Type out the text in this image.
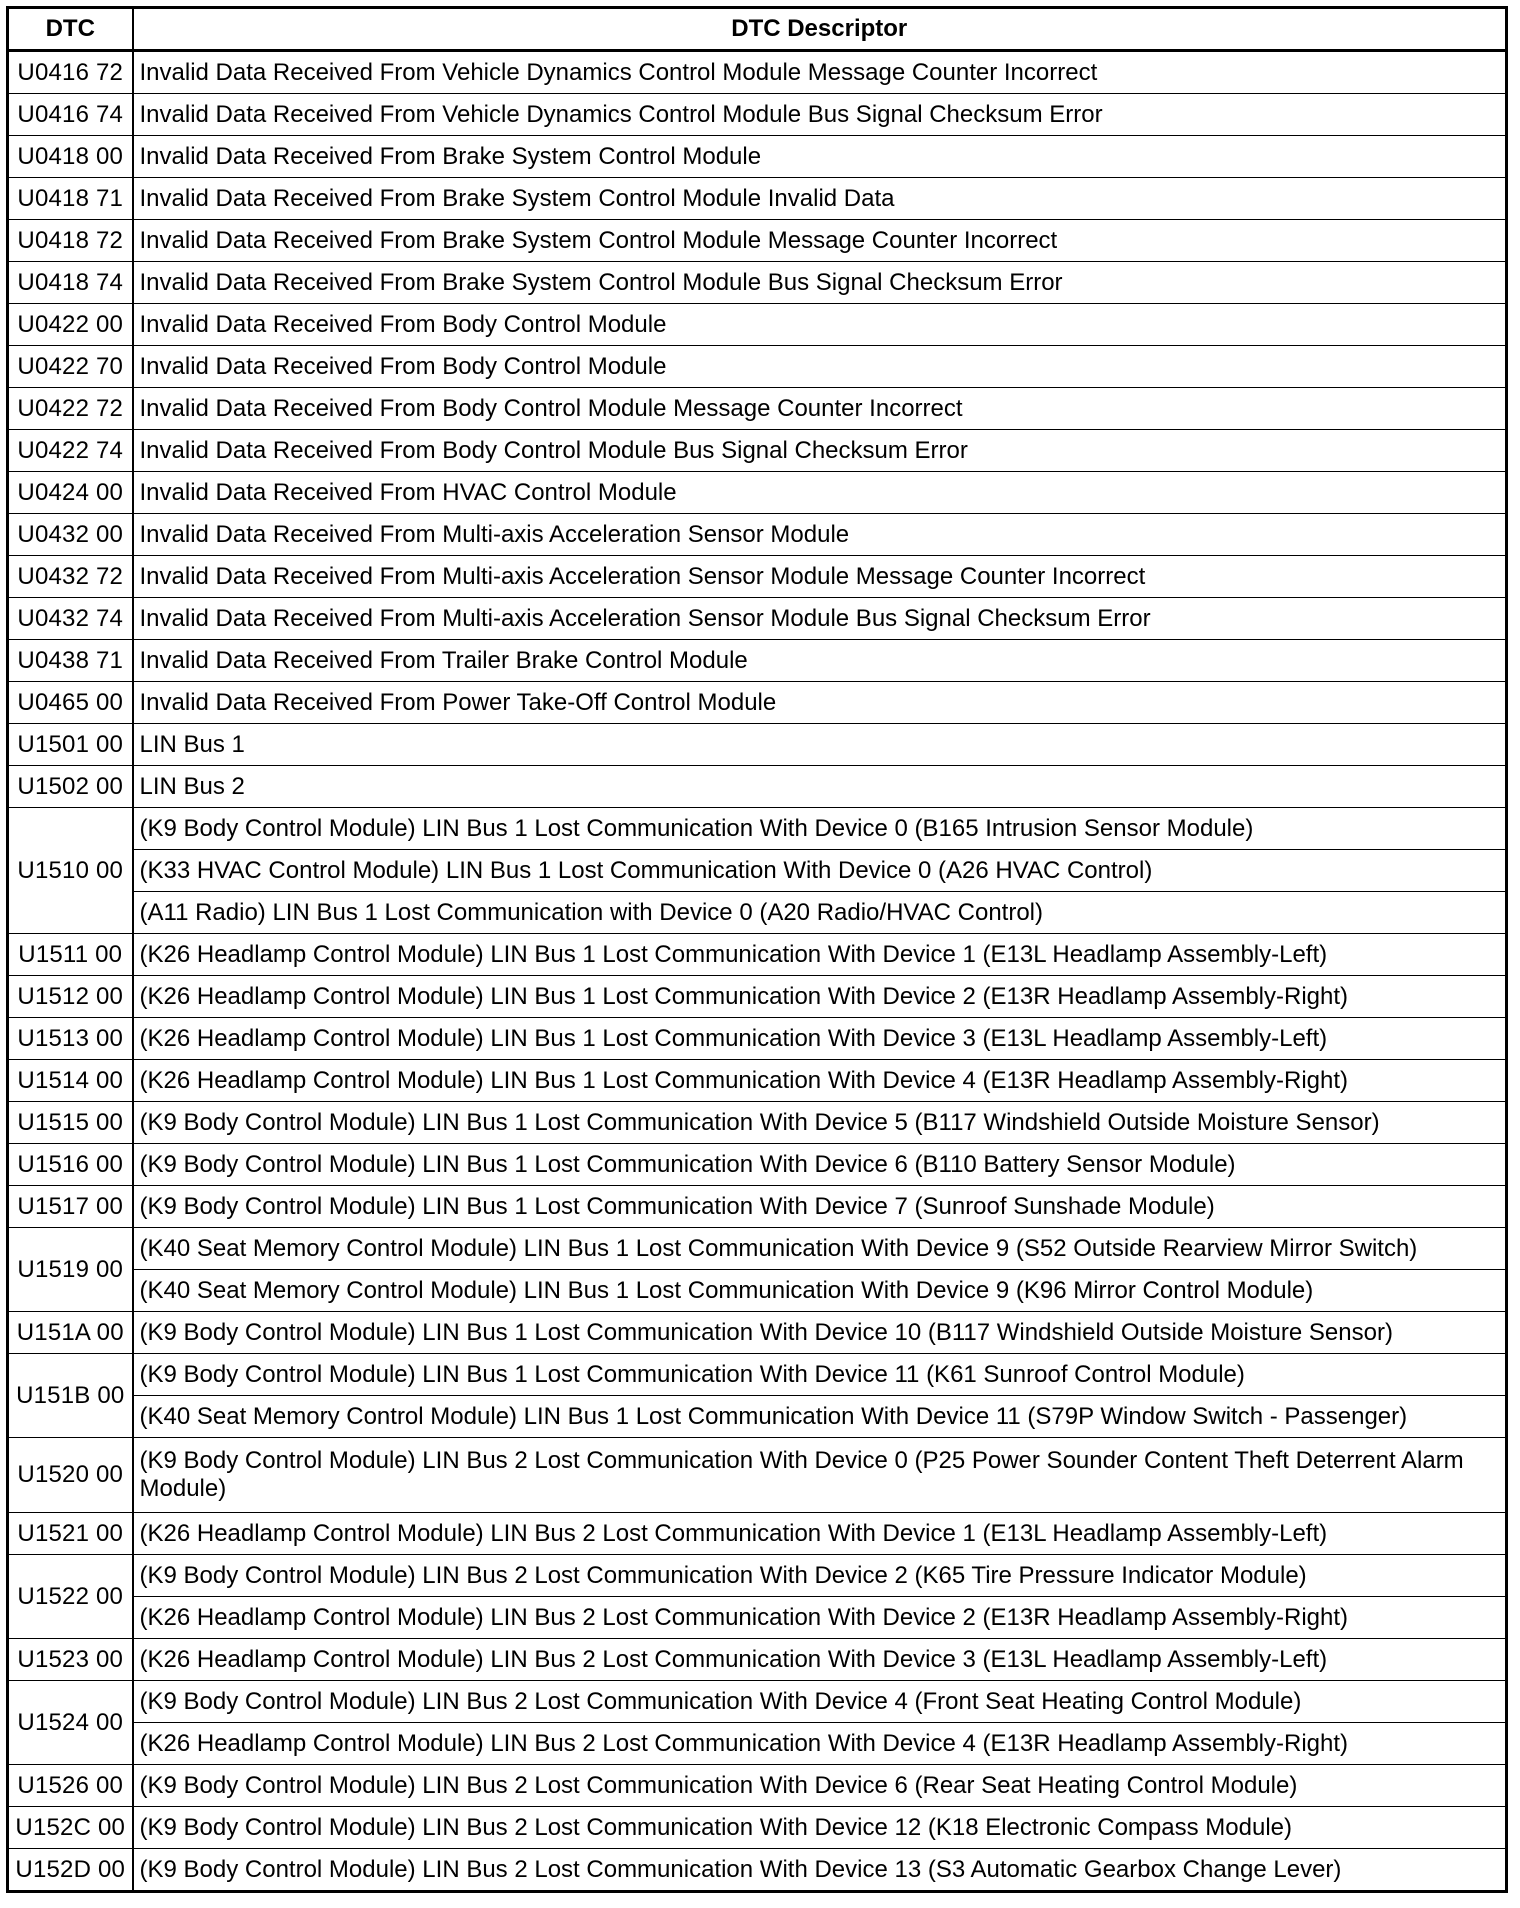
DTC	DTC Descriptor
U0416 72	Invalid Data Received From Vehicle Dynamics Control Module Message Counter Incorrect
U0416 74	Invalid Data Received From Vehicle Dynamics Control Module Bus Signal Checksum Error
U0418 00	Invalid Data Received From Brake System Control Module
U0418 71	Invalid Data Received From Brake System Control Module Invalid Data
U0418 72	Invalid Data Received From Brake System Control Module Message Counter Incorrect
U0418 74	Invalid Data Received From Brake System Control Module Bus Signal Checksum Error
U0422 00	Invalid Data Received From Body Control Module
U0422 70	Invalid Data Received From Body Control Module
U0422 72	Invalid Data Received From Body Control Module Message Counter Incorrect
U0422 74	Invalid Data Received From Body Control Module Bus Signal Checksum Error
U0424 00	Invalid Data Received From HVAC Control Module
U0432 00	Invalid Data Received From Multi-axis Acceleration Sensor Module
U0432 72	Invalid Data Received From Multi-axis Acceleration Sensor Module Message Counter Incorrect
U0432 74	Invalid Data Received From Multi-axis Acceleration Sensor Module Bus Signal Checksum Error
U0438 71	Invalid Data Received From Trailer Brake Control Module
U0465 00	Invalid Data Received From Power Take-Off Control Module
U1501 00	LIN Bus 1
U1502 00	LIN Bus 2
U1510 00	(K9 Body Control Module) LIN Bus 1 Lost Communication With Device 0 (B165 Intrusion Sensor Module)
	(K33 HVAC Control Module) LIN Bus 1 Lost Communication With Device 0 (A26 HVAC Control)
	(A11 Radio) LIN Bus 1 Lost Communication with Device 0 (A20 Radio/HVAC Control)
U1511 00	(K26 Headlamp Control Module) LIN Bus 1 Lost Communication With Device 1 (E13L Headlamp Assembly-Left)
U1512 00	(K26 Headlamp Control Module) LIN Bus 1 Lost Communication With Device 2 (E13R Headlamp Assembly-Right)
U1513 00	(K26 Headlamp Control Module) LIN Bus 1 Lost Communication With Device 3 (E13L Headlamp Assembly-Left)
U1514 00	(K26 Headlamp Control Module) LIN Bus 1 Lost Communication With Device 4 (E13R Headlamp Assembly-Right)
U1515 00	(K9 Body Control Module) LIN Bus 1 Lost Communication With Device 5 (B117 Windshield Outside Moisture Sensor)
U1516 00	(K9 Body Control Module) LIN Bus 1 Lost Communication With Device 6 (B110 Battery Sensor Module)
U1517 00	(K9 Body Control Module) LIN Bus 1 Lost Communication With Device 7 (Sunroof Sunshade Module)
U1519 00	(K40 Seat Memory Control Module) LIN Bus 1 Lost Communication With Device 9 (S52 Outside Rearview Mirror Switch)
	(K40 Seat Memory Control Module) LIN Bus 1 Lost Communication With Device 9 (K96 Mirror Control Module)
U151A 00	(K9 Body Control Module) LIN Bus 1 Lost Communication With Device 10 (B117 Windshield Outside Moisture Sensor)
U151B 00	(K9 Body Control Module) LIN Bus 1 Lost Communication With Device 11 (K61 Sunroof Control Module)
	(K40 Seat Memory Control Module) LIN Bus 1 Lost Communication With Device 11 (S79P Window Switch - Passenger)
U1520 00	(K9 Body Control Module) LIN Bus 2 Lost Communication With Device 0 (P25 Power Sounder Content Theft Deterrent Alarm Module)
U1521 00	(K26 Headlamp Control Module) LIN Bus 2 Lost Communication With Device 1 (E13L Headlamp Assembly-Left)
U1522 00	(K9 Body Control Module) LIN Bus 2 Lost Communication With Device 2 (K65 Tire Pressure Indicator Module)
	(K26 Headlamp Control Module) LIN Bus 2 Lost Communication With Device 2 (E13R Headlamp Assembly-Right)
U1523 00	(K26 Headlamp Control Module) LIN Bus 2 Lost Communication With Device 3 (E13L Headlamp Assembly-Left)
U1524 00	(K9 Body Control Module) LIN Bus 2 Lost Communication With Device 4 (Front Seat Heating Control Module)
	(K26 Headlamp Control Module) LIN Bus 2 Lost Communication With Device 4 (E13R Headlamp Assembly-Right)
U1526 00	(K9 Body Control Module) LIN Bus 2 Lost Communication With Device 6 (Rear Seat Heating Control Module)
U152C 00	(K9 Body Control Module) LIN Bus 2 Lost Communication With Device 12 (K18 Electronic Compass Module)
U152D 00	(K9 Body Control Module) LIN Bus 2 Lost Communication With Device 13 (S3 Automatic Gearbox Change Lever)
